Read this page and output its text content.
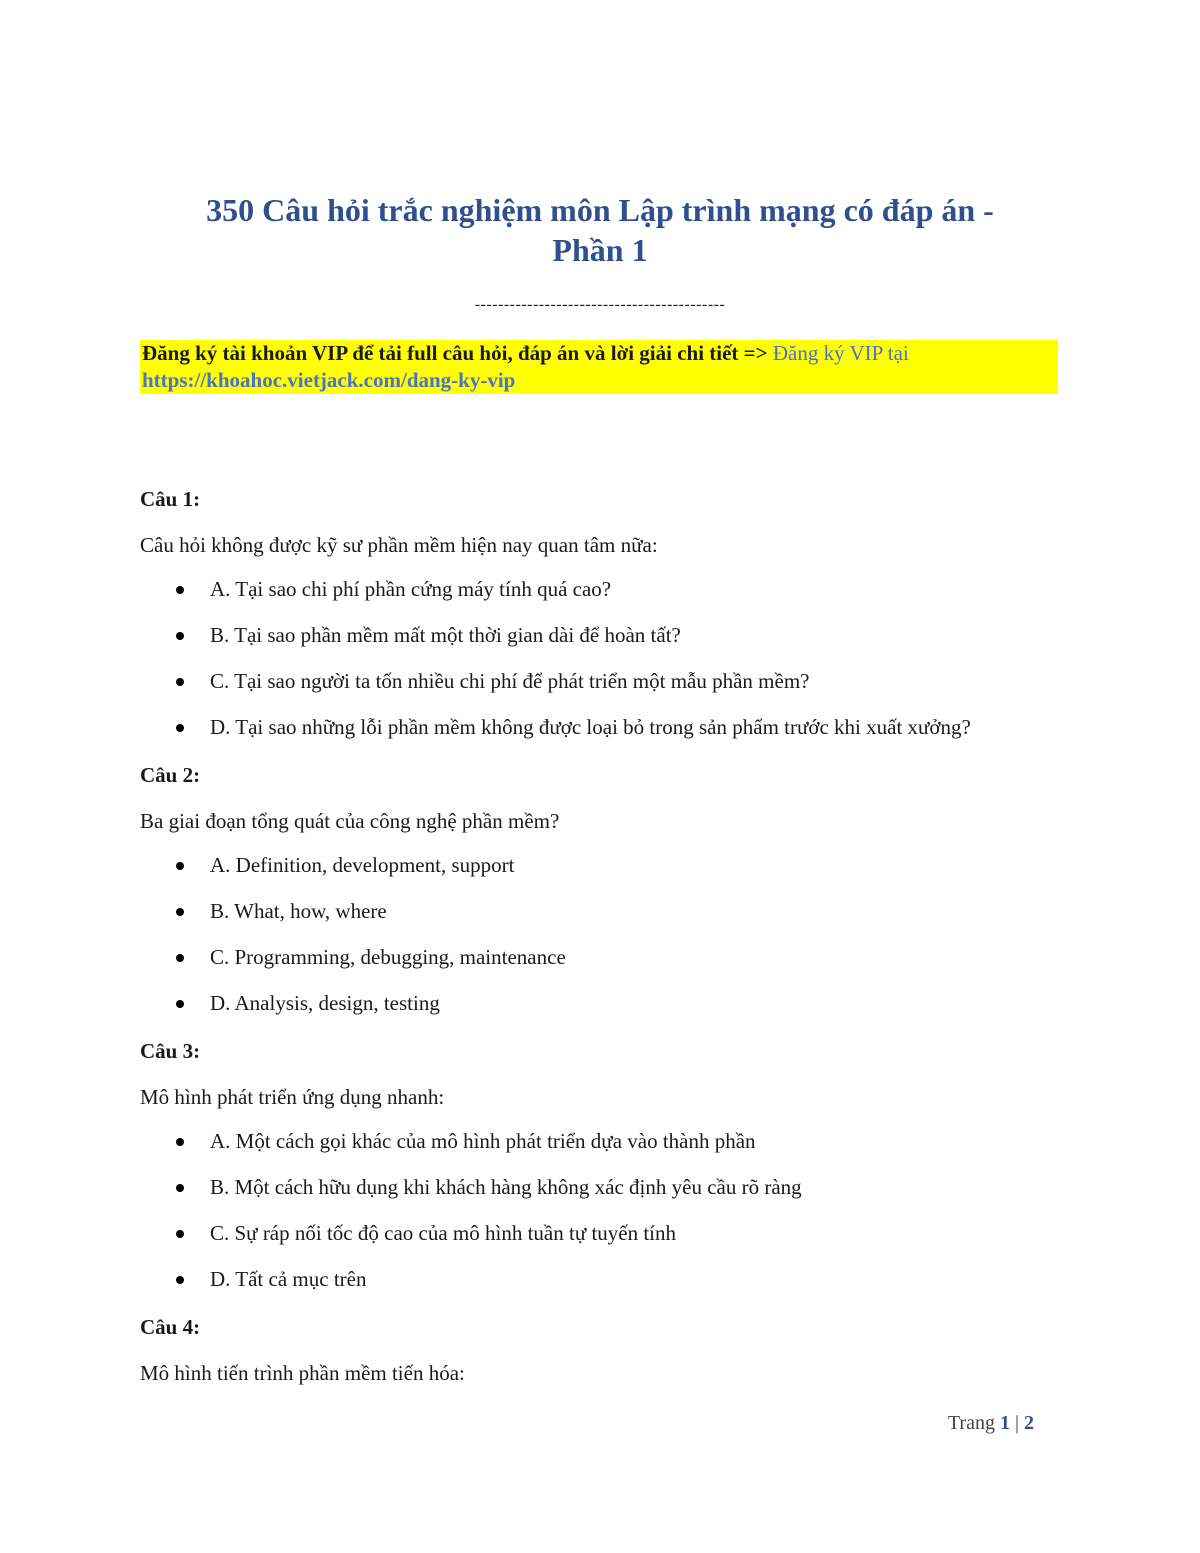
350 Câu hỏi trắc nghiệm môn Lập trình mạng có đáp án -
Phần 1
-------------------------------------------
Đăng ký tài khoản VIP để tải full câu hỏi, đáp án và lời giải chi tiết => Đăng ký VIP tại
https://khoahoc.vietjack.com/dang-ky-vip

Câu 1:

Câu hỏi không được kỹ sư phần mềm hiện nay quan tâm nữa:

A. Tại sao chi phí phần cứng máy tính quá cao?
B. Tại sao phần mềm mất một thời gian dài để hoàn tất?
C. Tại sao người ta tốn nhiều chi phí để phát triển một mẫu phần mềm?
D. Tại sao những lỗi phần mềm không được loại bỏ trong sản phẩm trước khi xuất xưởng?

Câu 2:

Ba giai đoạn tổng quát của công nghệ phần mềm?

A. Definition, development, support
B. What, how, where
C. Programming, debugging, maintenance
D. Analysis, design, testing

Câu 3:

Mô hình phát triển ứng dụng nhanh:

A. Một cách gọi khác của mô hình phát triển dựa vào thành phần
B. Một cách hữu dụng khi khách hàng không xác định yêu cầu rõ ràng
C. Sự ráp nối tốc độ cao của mô hình tuần tự tuyến tính
D. Tất cả mục trên

Câu 4:

Mô hình tiến trình phần mềm tiến hóa:

Trang 1 | 2
